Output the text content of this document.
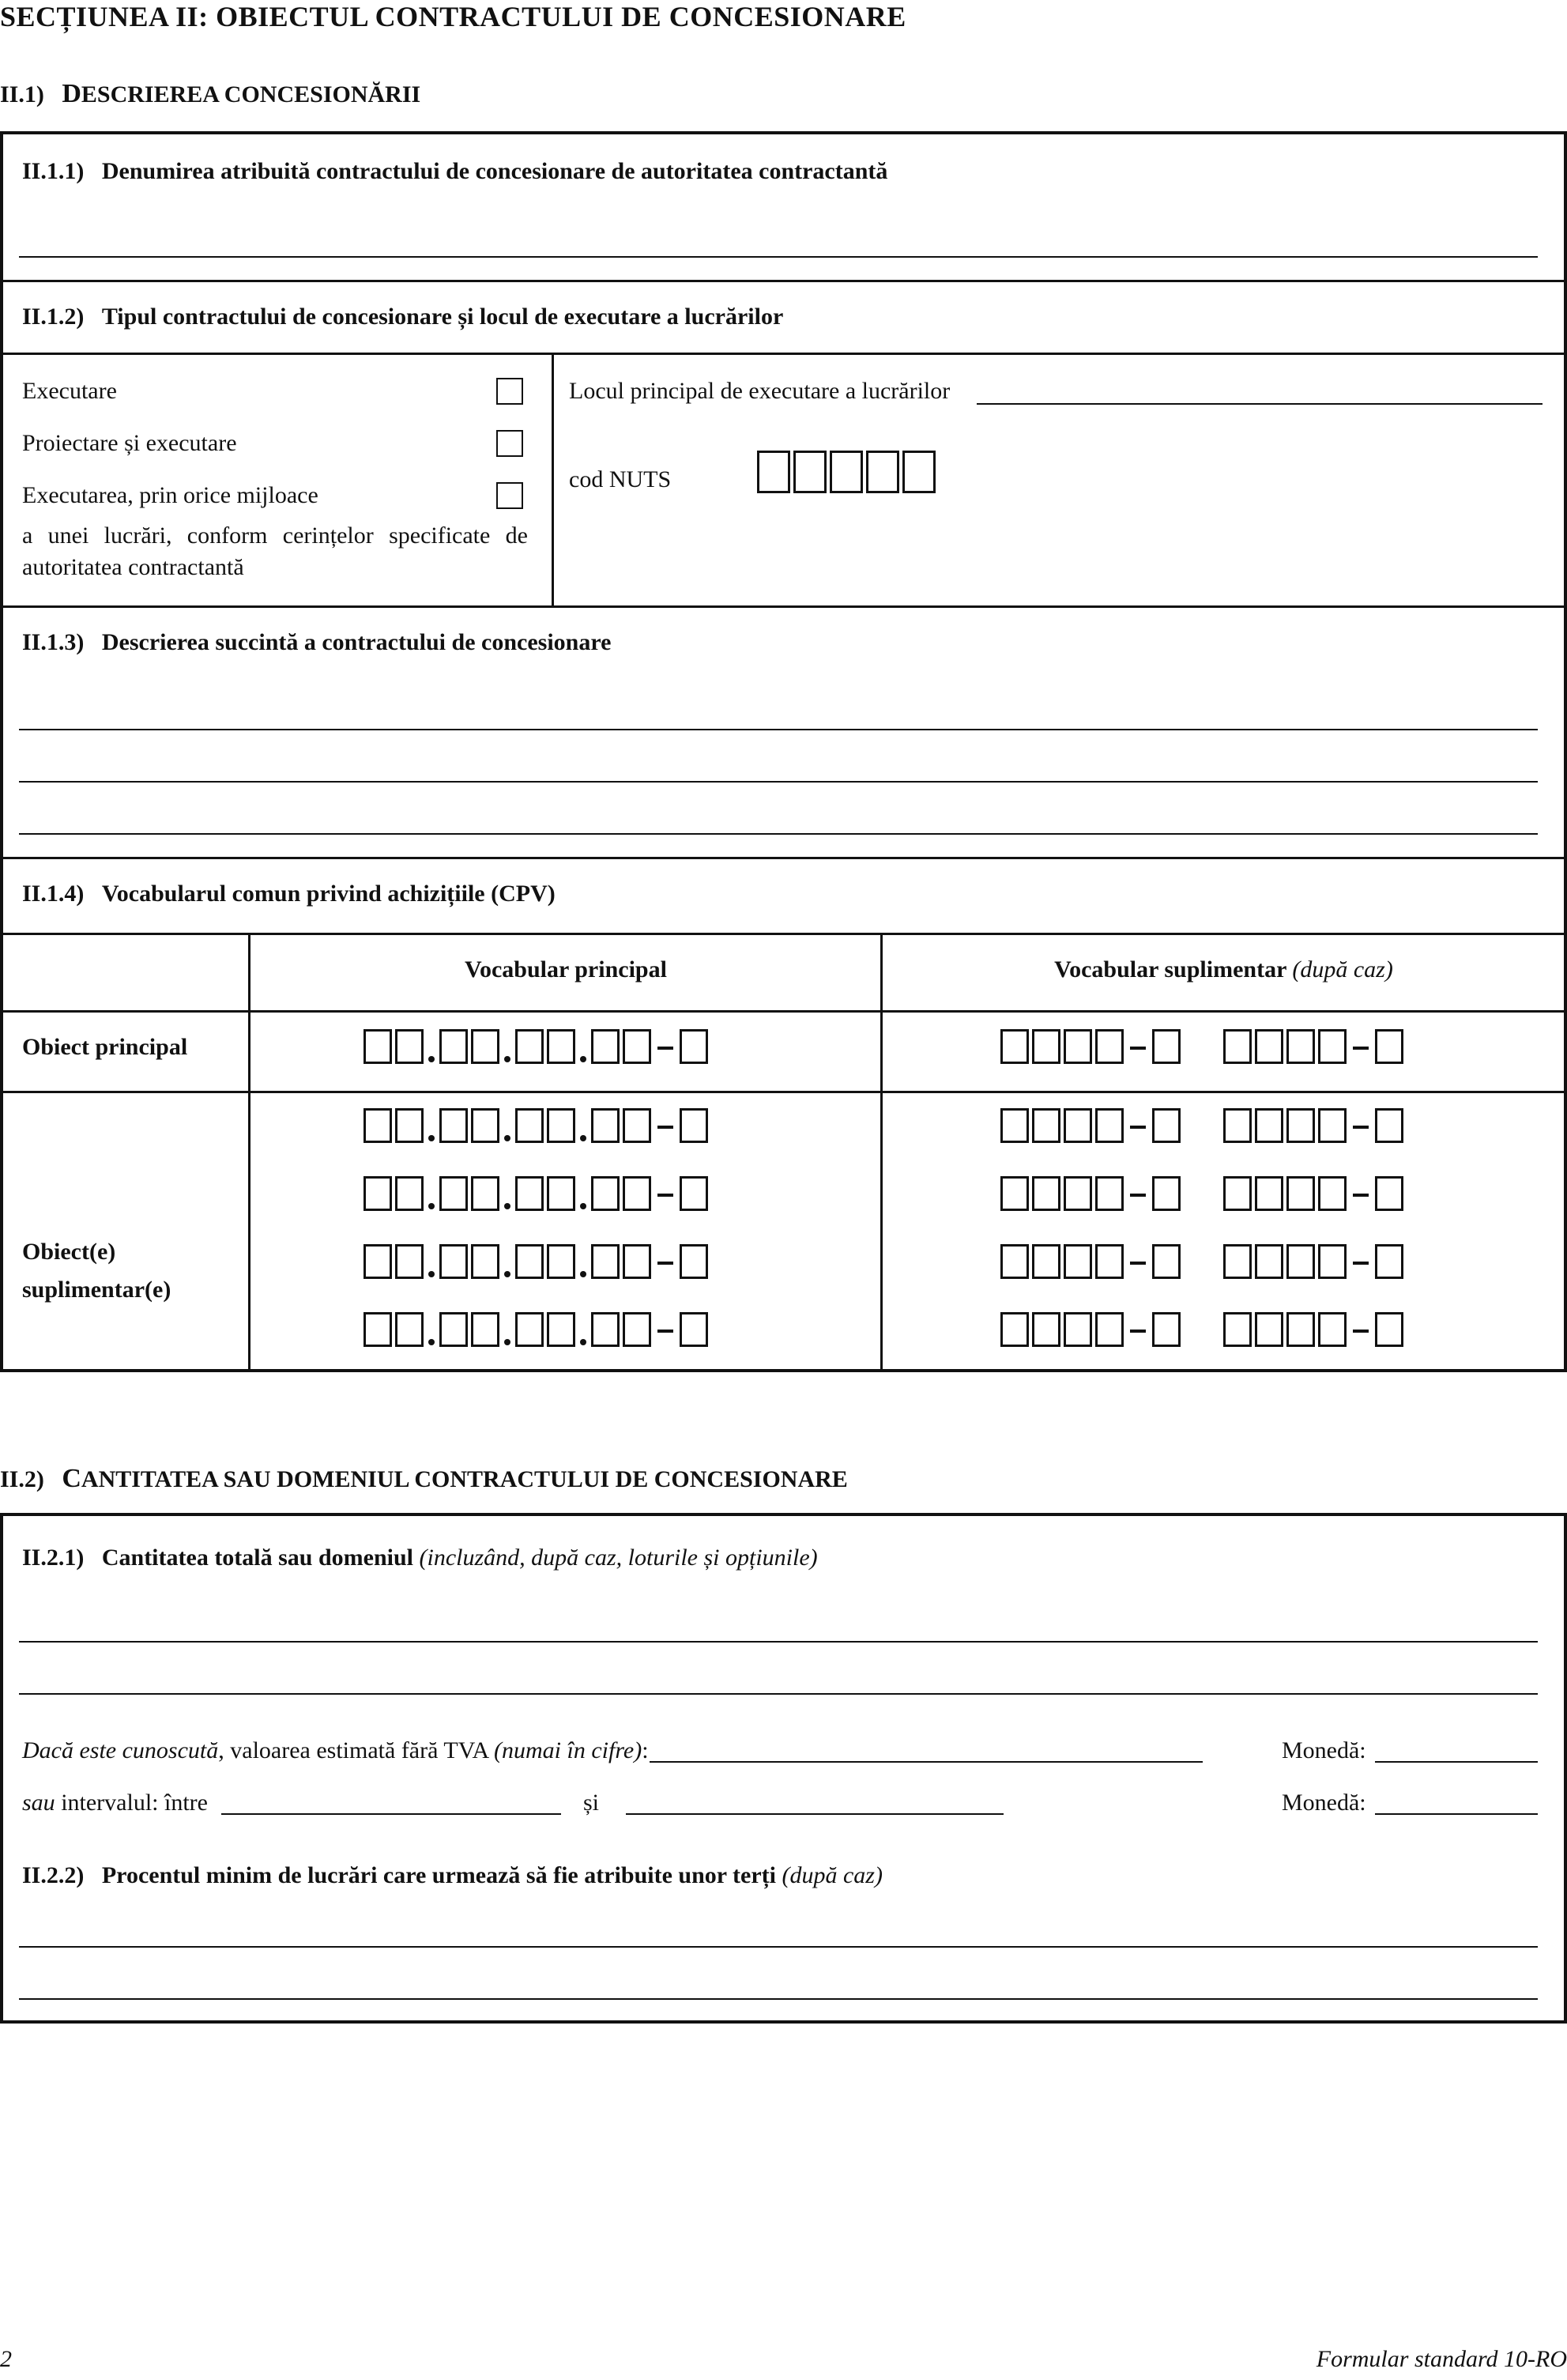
SECȚIUNEA II: OBIECTUL CONTRACTULUI DE CONCESIONARE
II.1) DESCRIEREA CONCESIONĂRII
II.1.1) Denumirea atribuită contractului de concesionare de autoritatea contractantă
II.1.2) Tipul contractului de concesionare și locul de executare a lucrărilor
Executare
Proiectare și executare
Executarea, prin orice mijloace
a unei lucrări, conform cerințelor specificate de autoritatea contractantă
Locul principal de executare a lucrărilor
cod NUTS
II.1.3) Descrierea succintă a contractului de concesionare
II.1.4) Vocabularul comun privind achizițiile (CPV)
Vocabular principal	Vocabular suplimentar (după caz)
Obiect principal
Obiect(e)
suplimentar(e)
II.2) CANTITATEA SAU DOMENIUL CONTRACTULUI DE CONCESIONARE
II.2.1) Cantitatea totală sau domeniul (incluzând, după caz, loturile și opțiunile)
Dacă este cunoscută, valoarea estimată fără TVA (numai în cifre):	Monedă:
sau intervalul: între	și	Monedă:
II.2.2) Procentul minim de lucrări care urmează să fie atribuite unor terți (după caz)
2	Formular standard 10-RO
